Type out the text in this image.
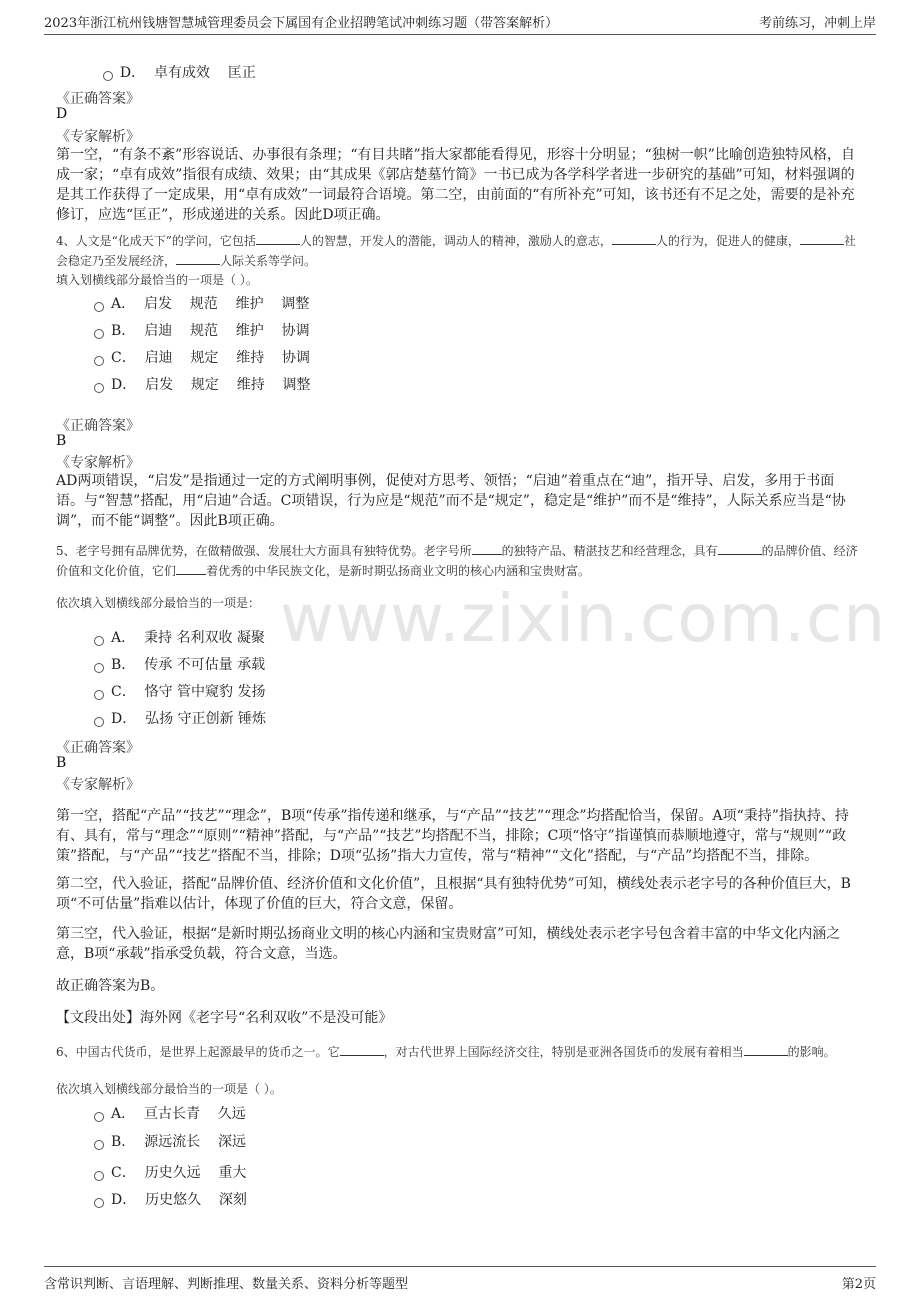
2023年浙江杭州钱塘智慧城管理委员会下属国有企业招聘笔试冲刺练习题（带答案解析）	考前练习，冲刺上岸
www.zixin.com.cn

D．  卓有成效    匡正

《正确答案》
D
《专家解析》
第一空，“有条不紊”形容说话、办事很有条理；“有目共睹”指大家都能看得见，形容十分明显；“独树一帜”比喻创造独特风格，自成一家；“卓有成效”指很有成绩、效果；由“其成果《郭店楚墓竹简》一书已成为各学科学者进一步研究的基础”可知，材料强调的是其工作获得了一定成果，用“卓有成效”一词最符合语境。第二空，由前面的“有所补充”可知，该书还有不足之处，需要的是补充修订，应选“匡正”，形成递进的关系。因此D项正确。
4、人文是“化成天下”的学问，它包括	人的智慧，开发人的潜能，调动人的精神，激励人的意志，	人的行为，促进人的健康，	社会稳定乃至发展经济，	人际关系等学问。
填入划横线部分最恰当的一项是（ ）。
A．  启发    规范    维护    调整
B．  启迪    规范    维护    协调
C．  启迪    规定    维持    协调
D．  启发    规定    维持    调整
《正确答案》
B
《专家解析》
AD两项错误，“启发”是指通过一定的方式阐明事例，促使对方思考、领悟；“启迪”着重点在“迪”，指开导、启发，多用于书面语。与“智慧”搭配，用“启迪”合适。C项错误，行为应是“规范”而不是“规定”，稳定是“维护”而不是“维持”，人际关系应当是“协调”，而不能“调整”。因此B项正确。
5、老字号拥有品牌优势，在做精做强、发展壮大方面具有独特优势。老字号所	的独特产品、精湛技艺和经营理念，具有	的品牌价值、经济价值和文化价值，它们	着优秀的中华民族文化，是新时期弘扬商业文明的核心内涵和宝贵财富。
依次填入划横线部分最恰当的一项是：
A．  秉持 名利双收 凝聚
B．  传承 不可估量 承载
C．  恪守 管中窥豹 发扬
D．  弘扬 守正创新 锤炼
《正确答案》
B
《专家解析》
第一空，搭配“产品”“技艺”“理念”，B项“传承”指传递和继承，与“产品”“技艺”“理念”均搭配恰当，保留。A项“秉持”指执持、持有、具有，常与“理念”“原则”“精神”搭配，与“产品”“技艺”均搭配不当，排除；C项“恪守”指谨慎而恭顺地遵守，常与“规则”“政策”搭配，与“产品”“技艺”搭配不当，排除；D项“弘扬”指大力宣传，常与“精神”“文化”搭配，与“产品”均搭配不当，排除。
第二空，代入验证，搭配“品牌价值、经济价值和文化价值”，且根据“具有独特优势”可知，横线处表示老字号的各种价值巨大，B项“不可估量”指难以估计，体现了价值的巨大，符合文意，保留。
第三空，代入验证，根据“是新时期弘扬商业文明的核心内涵和宝贵财富”可知，横线处表示老字号包含着丰富的中华文化内涵之意，B项“承载”指承受负载，符合文意，当选。
故正确答案为B。
【文段出处】海外网《老字号“名利双收”不是没可能》
6、中国古代货币，是世界上起源最早的货币之一。它	，对古代世界上国际经济交往，特别是亚洲各国货币的发展有着相当	的影响。
依次填入划横线部分最恰当的一项是（ ）。
A．  亘古长青    久远
B．  源远流长    深远
C．  历史久远    重大
D．  历史悠久    深刻
含常识判断、言语理解、判断推理、数量关系、资料分析等题型	第2页
